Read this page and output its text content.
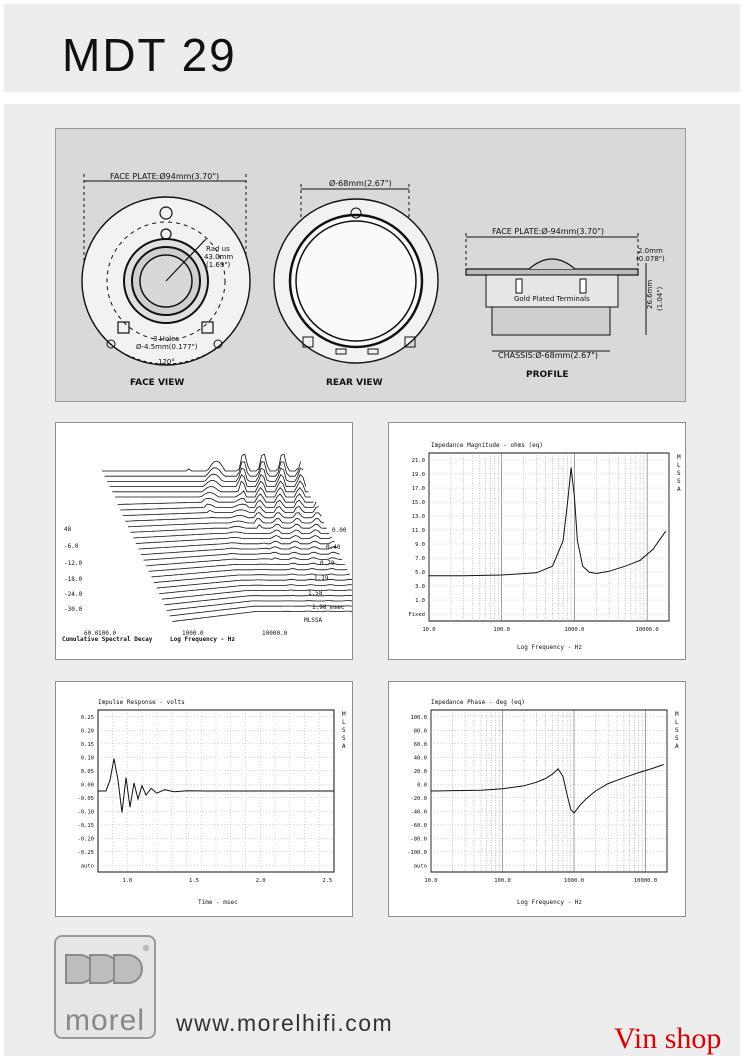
MDT 29
FACE PLATE:Ø94mm(3.70")
Rad us
43.0mm
(1.69")
3 Holes
Ø-4.5mm(0.177")
120°
FACE VIEW
Ø-68mm(2.67")
REAR VIEW
FACE PLATE:Ø-94mm(3.70")
2.0mm
(0.078")
Gold Plated Terminals	26.6mm (1.04")
CHASSIS:Ø-68mm(2.67")
PROFILE
48
-6.0
-12.0
-18.0
-24.0
-30.0
0.00
0.40
0.79
1.19
1.58
1.98 msec
MLSSA
60.0 100.0	1000.0	10000.0
Cumulative Spectral Decay	Log Frequency - Hz
Impedance Magnitude - ohms (eq)
Fixed
1.0
3.0
5.0
7.0
9.0
11.0
13.0
15.0
17.0
19.0
21.0
10.0	100.0	1000.0	10000.0
M
L
S
S
A
Log Frequency - Hz
Impulse Response - volts
0.25
0.20
0.15
0.10
0.05
0.00
-0.05
-0.10
-0.15
-0.20
-0.25
auto
1.0	1.5	2.0	2.5
M
L
S
S
A
Time - msec
Impedance Phase - deg (eq)
100.0
80.0
60.0
40.0
20.0
0.0
-20.0
-40.0
-60.0
-80.0
-100.0
auto
10.0	100.0	1000.0	10000.0
M
L
S
S
A
Log Frequency - Hz
®
morel	www.morelhifi.com	Vin shop
